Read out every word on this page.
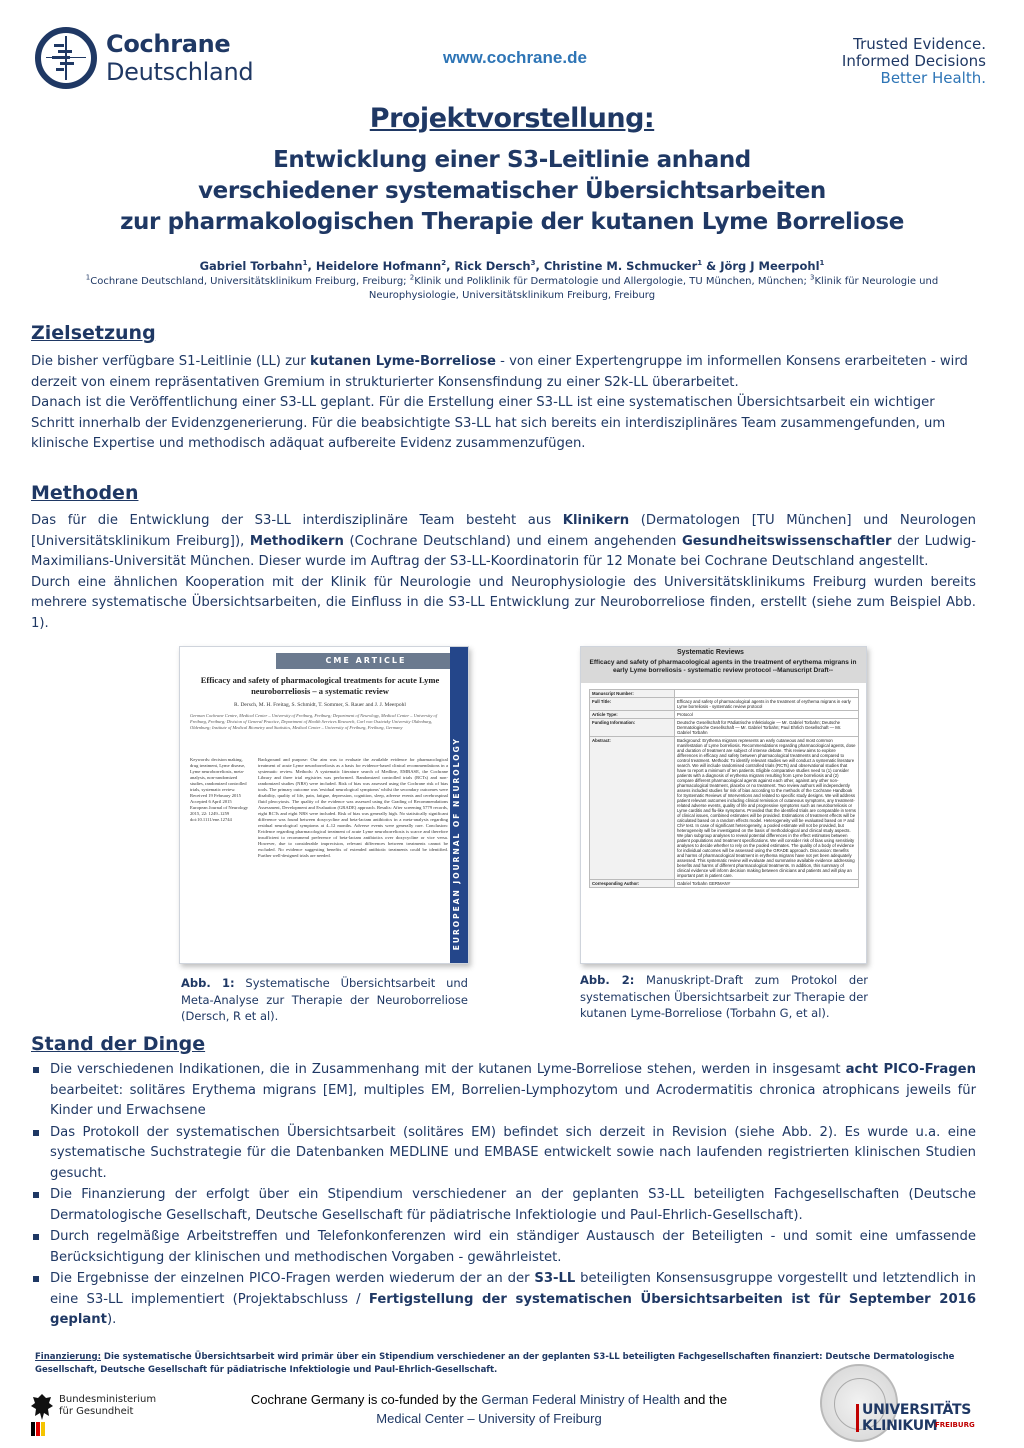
Cochrane
Deutschland
www.cochrane.de
Trusted Evidence.
Informed Decisions
Better Health.
Projektvorstellung:
Entwicklung einer S3-Leitlinie anhand
verschiedener systematischer Übersichtsarbeiten
zur pharmakologischen Therapie der kutanen Lyme Borreliose
Gabriel Torbahn$^1$, Heidelore Hofmann$^2$, Rick Dersch$^3$, Christine M. Schmucker$^1$ & Jörg J Meerpohl$^1$
$^1$Cochrane Deutschland, Universitätsklinikum Freiburg, Freiburg; $^2$Klinik und Poliklinik für Dermatologie und Allergologie, TU München, München; $^3$Klinik für Neurologie und Neurophysiologie, Universitätsklinikum Freiburg, Freiburg
Zielsetzung
Die bisher verfügbare S1-Leitlinie (LL) zur kutanen Lyme-Borreliose - von einer Expertengruppe im informellen Konsens erarbeiteten - wird derzeit von einem repräsentativen Gremium in strukturierter Konsensfindung zu einer S2k-LL überarbeitet.
Danach ist die Veröffentlichung einer S3-LL geplant. Für die Erstellung einer S3-LL ist eine systematischen Übersichtsarbeit ein wichtiger Schritt innerhalb der Evidenzgenerierung. Für die beabsichtigte S3-LL hat sich bereits ein interdisziplinäres Team zusammengefunden, um klinische Expertise und methodisch adäquat aufbereite Evidenz zusammenzufügen.
Methoden
Das für die Entwicklung der S3-LL interdisziplinäre Team besteht aus Klinikern (Dermatologen [TU München] und Neurologen [Universitätsklinikum Freiburg]), Methodikern (Cochrane Deutschland) und einem angehenden Gesundheitswissenschaftler der Ludwig-Maximilians-Universität München. Dieser wurde im Auftrag der S3-LL-Koordinatorin für 12 Monate bei Cochrane Deutschland angestellt.
Durch eine ähnlichen Kooperation mit der Klinik für Neurologie und Neurophysiologie des Universitätsklinikums Freiburg wurden bereits mehrere systematische Übersichtsarbeiten, die Einfluss in die S3-LL Entwicklung zur Neuroborreliose finden, erstellt (siehe zum Beispiel Abb. 1).
CME ARTICLE
EUROPEAN JOURNAL OF NEUROLOGY
Efficacy and safety of pharmacological treatments for acute Lyme neuroborreliosis – a systematic review
R. Dersch, M. H. Freitag, S. Schmidt, T. Sommer, S. Rauer and J. J. Meerpohl
German Cochrane Centre, Medical Center – University of Freiburg, Freiburg; Department of Neurology, Medical Center – University of Freiburg, Freiburg; Division of General Practice, Department of Health Services Research, Carl von Ossietzky University Oldenburg, Oldenburg; Institute of Medical Biometry and Statistics, Medical Center – University of Freiburg, Freiburg, Germany
Keywords: decision making, drug treatment, Lyme disease, Lyme neuroborreliosis, meta-analysis, non-randomized studies, randomized controlled trials, systematic review. Received 19 February 2015 Accepted 6 April 2015 European Journal of Neurology 2015, 22: 1249–1259 doi:10.1111/ene.12744
Background and purpose: Our aim was to evaluate the available evidence for pharmacological treatment of acute Lyme neuroborreliosis as a basis for evidence-based clinical recommendations in a systematic review. Methods: A systematic literature search of Medline, EMBASE, the Cochrane Library and three trial registries was performed. Randomized controlled trials (RCTs) and non-randomized studies (NRS) were included. Risk of bias was assessed using the Cochrane risk of bias tools. The primary outcome was 'residual neurological symptoms' whilst the secondary outcomes were disability, quality of life, pain, fatigue, depression, cognition, sleep, adverse events and cerebrospinal fluid pleocytosis. The quality of the evidence was assessed using the Grading of Recommendations Assessment, Development and Evaluation (GRADE) approach. Results: After screening 5779 records, eight RCTs and eight NRS were included. Risk of bias was generally high. No statistically significant difference was found between doxycycline and beta-lactam antibiotics in a meta-analysis regarding residual neurological symptoms at 4–12 months. Adverse events were generally rare. Conclusion: Evidence regarding pharmacological treatment of acute Lyme neuroborreliosis is scarce and therefore insufficient to recommend preference of beta-lactam antibiotics over doxycycline or vice versa. However, due to considerable imprecision, relevant differences between treatments cannot be excluded. No evidence suggesting benefits of extended antibiotic treatments could be identified. Further well-designed trials are needed.
Abb. 1: Systematische Übersichtsarbeit und Meta-Analyse zur Therapie der Neuroborreliose (Dersch, R et al).
Systematic Reviews
Efficacy and safety of pharmacological agents in the treatment of erythema migrans in early Lyme borreliosis - systematic review protocol --Manuscript Draft--
Manuscript Number:	
Full Title:	Efficacy and safety of pharmacological agents in the treatment of erythema migrans in early Lyme borreliosis - systematic review protocol
Article Type:	Protocol
Funding Information:	Deutsche Gesellschaft für Pädiatrische Infektiologie — Mr. Gabriel Torbahn; Deutsche Dermatologische Gesellschaft — Mr. Gabriel Torbahn; Paul Ehrlich Gesellschaft — Mr. Gabriel Torbahn
Abstract:	Background: Erythema migrans represents an early cutaneous and most common manifestation of Lyme borreliosis. Recommendations regarding pharmacological agents, dose and duration of treatment are subject of intense debate. This review aims to explore differences in efficacy and safety between pharmacological treatments and compared to control treatment. Methods: To identify relevant studies we will conduct a systematic literature search. We will include randomised controlled trials (RCTs) and observational studies that have to report a minimum of ten patients. Eligible comparative studies need to (1) consider patients with a diagnosis of erythema migrans resulting from Lyme borreliosis and (2) compare different pharmacological agents against each other, against any other non-pharmacological treatment, placebo or no treatment. Two review authors will independently assess included studies for risk of bias according to the methods of the Cochrane Handbook for Systematic Reviews of Interventions and related to specific study designs. We will address patient relevant outcomes including clinical remission of cutaneous symptoms, any treatment-related adverse events, quality of life and progressive symptoms such as neuroborreliosis or Lyme carditis and flu-like symptoms. Provided that the identified trials are comparable in terms of clinical issues, combined estimates will be provided. Estimations of treatment effects will be calculated based on a random effects model. Heterogeneity will be evaluated based on I² and Chi² test. In case of significant heterogeneity, a pooled estimate will not be provided, but heterogeneity will be investigated on the basis of methodological and clinical study aspects. We plan subgroup analyses to reveal potential differences in the effect estimates between patient populations and treatment specifications. We will consider risk of bias using sensitivity analyses to decide whether to rely on the pooled estimates. The quality of a body of evidence for individual outcomes will be assessed using the GRADE approach. Discussion: Benefits and harms of pharmacological treatment in erythema migrans have not yet been adequately assessed. This systematic review will evaluate and summarise available evidence addressing benefits and harms of different pharmacological treatments. In addition, this summary of clinical evidence will inform decision making between clinicians and patients and will play an important part in patient care.
Corresponding Author:	Gabriel Torbahn GERMANY
Abb. 2: Manuskript-Draft zum Protokol der systematischen Übersichtsarbeit zur Therapie der kutanen Lyme-Borreliose (Torbahn G, et al).
Stand der Dinge
Die verschiedenen Indikationen, die in Zusammenhang mit der kutanen Lyme-Borreliose stehen, werden in insgesamt acht PICO-Fragen bearbeitet: solitäres Erythema migrans [EM], multiples EM, Borrelien-Lymphozytom und Acrodermatitis chronica atrophicans jeweils für Kinder und Erwachsene
Das Protokoll der systematischen Übersichtsarbeit (solitäres EM) befindet sich derzeit in Revision (siehe Abb. 2). Es wurde u.a. eine systematische Suchstrategie für die Datenbanken MEDLINE und EMBASE entwickelt sowie nach laufenden registrierten klinischen Studien gesucht.
Die Finanzierung der erfolgt über ein Stipendium verschiedener an der geplanten S3-LL beteiligten Fachgesellschaften (Deutsche Dermatologische Gesellschaft, Deutsche Gesellschaft für pädiatrische Infektiologie und Paul-Ehrlich-Gesellschaft).
Durch regelmäßige Arbeitstreffen und Telefonkonferenzen wird ein ständiger Austausch der Beteiligten - und somit eine umfassende Berücksichtigung der klinischen und methodischen Vorgaben - gewährleistet.
Die Ergebnisse der einzelnen PICO-Fragen werden wiederum der an der S3-LL beteiligten Konsensusgruppe vorgestellt und letztendlich in eine S3-LL implementiert (Projektabschluss / Fertigstellung der systematischen Übersichtsarbeiten ist für September 2016 geplant).
Finanzierung: Die systematische Übersichtsarbeit wird primär über ein Stipendium verschiedener an der geplanten S3-LL beteiligten Fachgesellschaften finanziert: Deutsche Dermatologische Gesellschaft, Deutsche Gesellschaft für pädiatrische Infektiologie und Paul-Ehrlich-Gesellschaft.
Bundesministerium
für Gesundheit
Cochrane Germany is co-funded by the German Federal Ministry of Health and the
Medical Center – University of Freiburg
UNIVERSITÄTS
KLINIKUM
FREIBURG
